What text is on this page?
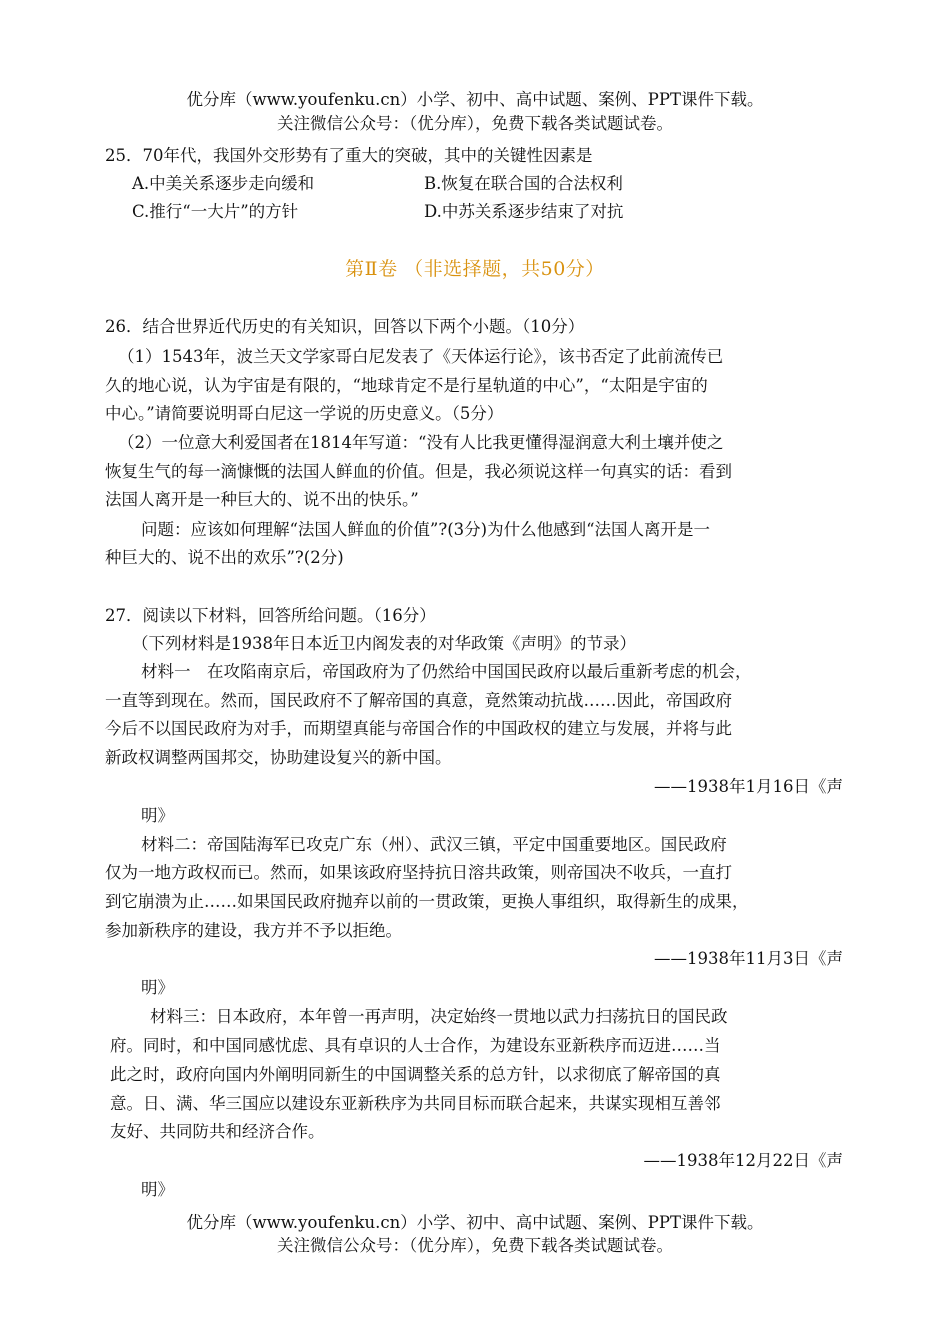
优分库（www.youfenku.cn）小学、初中、高中试题、案例、PPT课件下载。
关注微信公众号：（优分库），免费下载各类试题试卷。
25．70年代，我国外交形势有了重大的突破，其中的关键性因素是
A.中美关系逐步走向缓和	B.恢复在联合国的合法权利
C.推行“一大片”的方针	D.中苏关系逐步结束了对抗
第Ⅱ卷 （非选择题，共50分）
26．结合世界近代历史的有关知识，回答以下两个小题。（10分）
（1）1543年，波兰天文学家哥白尼发表了《天体运行论》，该书否定了此前流传已
久的地心说，认为宇宙是有限的，“地球肯定不是行星轨道的中心”，“太阳是宇宙的
中心。”请简要说明哥白尼这一学说的历史意义。（5分）
（2）一位意大利爱国者在1814年写道：“没有人比我更懂得湿润意大利土壤并使之
恢复生气的每一滴慷慨的法国人鲜血的价值。但是，我必须说这样一句真实的话：看到
法国人离开是一种巨大的、说不出的快乐。”
问题：应该如何理解“法国人鲜血的价值”?(3分)为什么他感到“法国人离开是一
种巨大的、说不出的欢乐”?(2分)
27．阅读以下材料，回答所给问题。（16分）
（下列材料是1938年日本近卫内阁发表的对华政策《声明》的节录）
材料一　在攻陷南京后，帝国政府为了仍然给中国国民政府以最后重新考虑的机会，
一直等到现在。然而，国民政府不了解帝国的真意，竟然策动抗战……因此，帝国政府
今后不以国民政府为对手，而期望真能与帝国合作的中国政权的建立与发展，并将与此
新政权调整两国邦交，协助建设复兴的新中国。
——1938年1月16日《声
明》
材料二：帝国陆海军已攻克广东（州）、武汉三镇，平定中国重要地区。国民政府
仅为一地方政权而已。然而，如果该政府坚持抗日溶共政策，则帝国决不收兵，一直打
到它崩溃为止……如果国民政府抛弃以前的一贯政策，更换人事组织，取得新生的成果，
参加新秩序的建设，我方并不予以拒绝。
——1938年11月3日《声
明》
材料三：日本政府，本年曾一再声明，决定始终一贯地以武力扫荡抗日的国民政
府。同时，和中国同感忧虑、具有卓识的人士合作，为建设东亚新秩序而迈进……当
此之时，政府向国内外阐明同新生的中国调整关系的总方针，以求彻底了解帝国的真
意。日、满、华三国应以建设东亚新秩序为共同目标而联合起来，共谋实现相互善邻
友好、共同防共和经济合作。
——1938年12月22日《声
明》
优分库（www.youfenku.cn）小学、初中、高中试题、案例、PPT课件下载。
关注微信公众号：（优分库），免费下载各类试题试卷。
